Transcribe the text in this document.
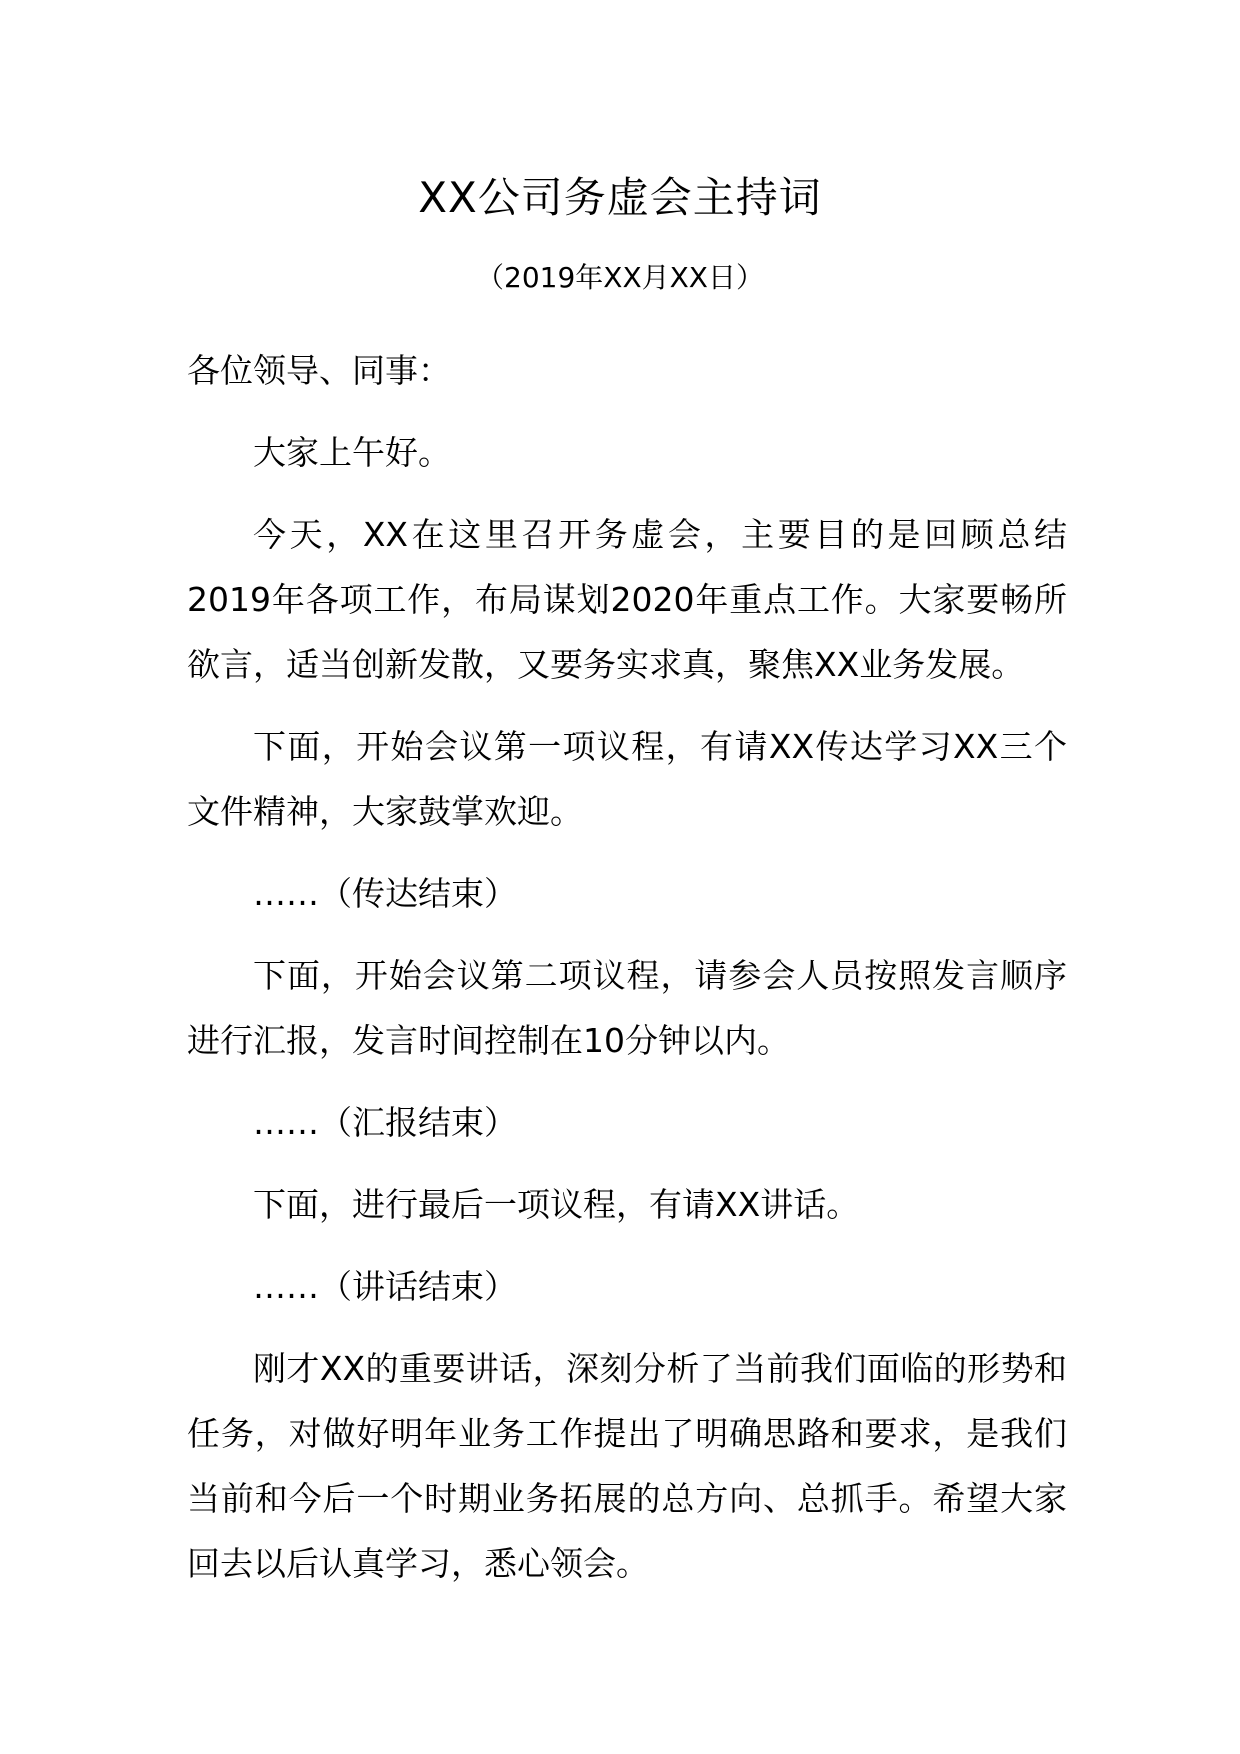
XX公司务虚会主持词
（2019年XX月XX日）

各位领导、同事：

大家上午好。

今天，XX在这里召开务虚会，主要目的是回顾总结2019年各项工作，布局谋划2020年重点工作。大家要畅所欲言，适当创新发散，又要务实求真，聚焦XX业务发展。

下面，开始会议第一项议程，有请XX传达学习XX三个文件精神，大家鼓掌欢迎。

……（传达结束）

下面，开始会议第二项议程，请参会人员按照发言顺序进行汇报，发言时间控制在10分钟以内。

……（汇报结束）

下面，进行最后一项议程，有请XX讲话。

……（讲话结束）

刚才XX的重要讲话，深刻分析了当前我们面临的形势和任务，对做好明年业务工作提出了明确思路和要求，是我们当前和今后一个时期业务拓展的总方向、总抓手。希望大家回去以后认真学习，悉心领会。
